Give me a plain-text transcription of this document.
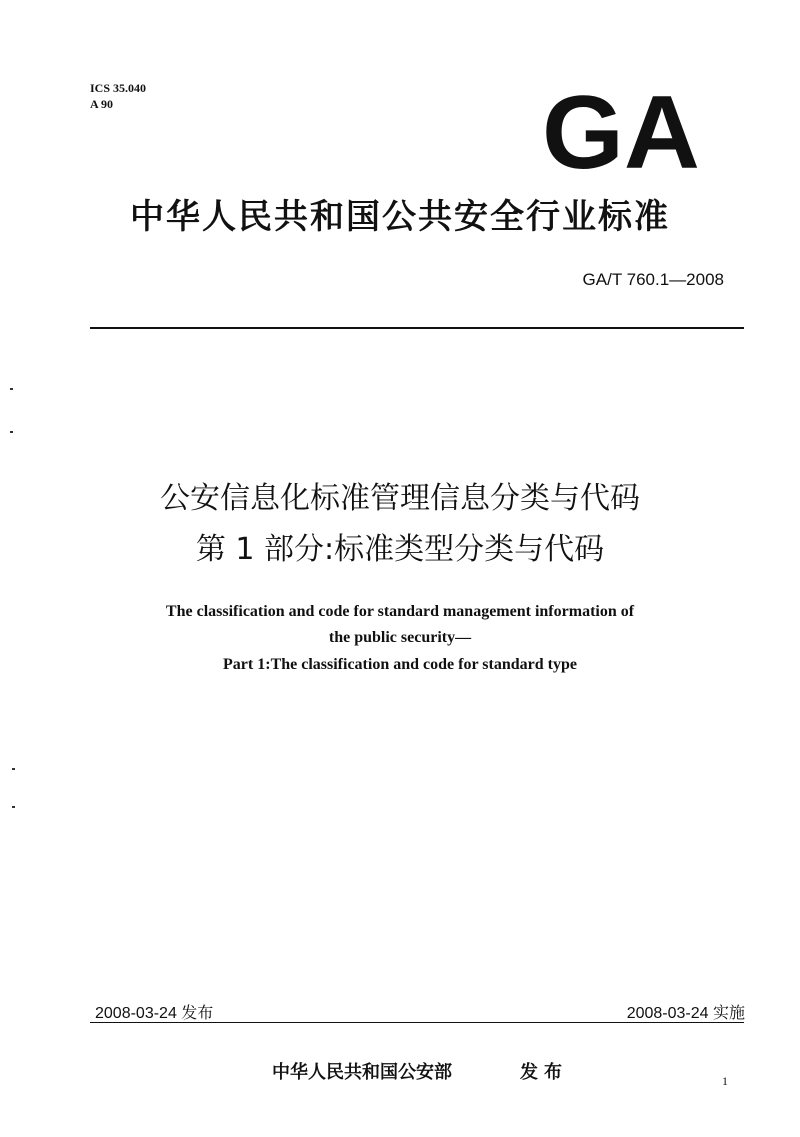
ICS 35.040
A 90	GA
中华人民共和国公共安全行业标准
GA/T 760.1—2008
公安信息化标准管理信息分类与代码
第 1 部分:标准类型分类与代码
The classification and code for standard management information of
the public security—
Part 1:The classification and code for standard type
2008-03-24 发布	2008-03-24 实施
中华人民共和国公安部	发布	1
